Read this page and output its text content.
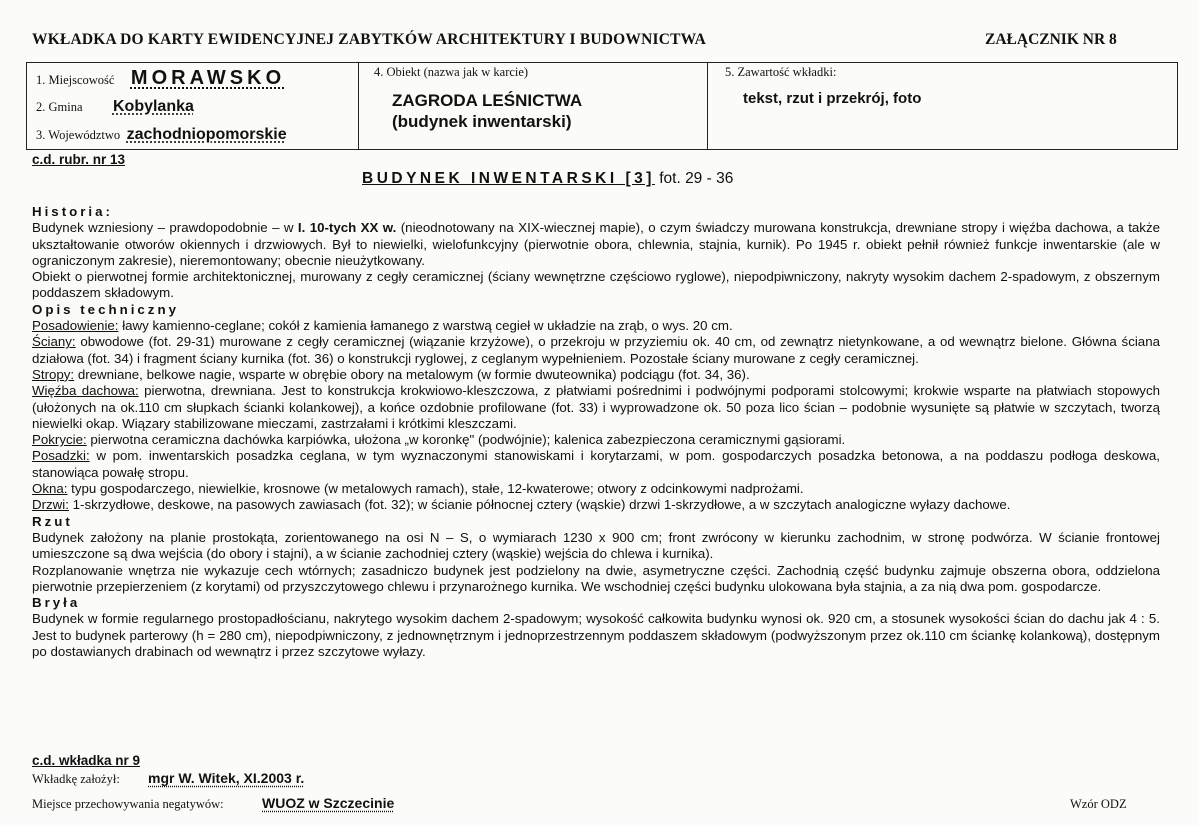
WKŁADKA DO KARTY EWIDENCYJNEJ ZABYTKÓW ARCHITEKTURY I BUDOWNICTWA	ZAŁĄCZNIK NR 8
1. Miejscowość MORAWSKO
2. Gmina Kobylanka
3. Województwo zachodniopomorskie
4. Obiekt (nazwa jak w karcie)
ZAGRODA LEŚNICTWA
(budynek inwentarski)
5. Zawartość wkładki:
tekst, rzut i przekrój, foto
c.d. rubr. nr 13
BUDYNEK INWENTARSKI [3] fot. 29 - 36

Historia:

Budynek wzniesiony – prawdopodobnie – w I. 10-tych XX w. (nieodnotowany na XIX-wiecznej mapie), o czym świadczy murowana konstrukcja, drewniane stropy i więźba dachowa, a także ukształtowanie otworów okiennych i drzwiowych. Był to niewielki, wielofunkcyjny (pierwotnie obora, chlewnia, stajnia, kurnik). Po 1945 r. obiekt pełnił również funkcje inwentarskie (ale w ograniczonym zakresie), nieremontowany; obecnie nieużytkowany.

Obiekt o pierwotnej formie architektonicznej, murowany z cegły ceramicznej (ściany wewnętrzne częściowo ryglowe), niepodpiwniczony, nakryty wysokim dachem 2-spadowym, z obszernym poddaszem składowym.

Opis techniczny

Posadowienie: ławy kamienno-ceglane; cokół z kamienia łamanego z warstwą cegieł w układzie na zrąb, o wys. 20 cm.

Ściany: obwodowe (fot. 29-31) murowane z cegły ceramicznej (wiązanie krzyżowe), o przekroju w przyziemiu ok. 40 cm, od zewnątrz nietynkowane, a od wewnątrz bielone. Główna ściana działowa (fot. 34) i fragment ściany kurnika (fot. 36) o konstrukcji ryglowej, z ceglanym wypełnieniem. Pozostałe ściany murowane z cegły ceramicznej.

Stropy: drewniane, belkowe nagie, wsparte w obrębie obory na metalowym (w formie dwuteownika) podciągu (fot. 34, 36).

Więźba dachowa: pierwotna, drewniana. Jest to konstrukcja krokwiowo-kleszczowa, z płatwiami pośrednimi i podwójnymi podporami stolcowymi; krokwie wsparte na płatwiach stopowych (ułożonych na ok.110 cm słupkach ścianki kolankowej), a końce ozdobnie profilowane (fot. 33) i wyprowadzone ok. 50 poza lico ścian – podobnie wysunięte są płatwie w szczytach, tworzą niewielki okap. Wiązary stabilizowane mieczami, zastrzałami i krótkimi kleszczami.

Pokrycie: pierwotna ceramiczna dachówka karpiówka, ułożona „w koronkę" (podwójnie); kalenica zabezpieczona ceramicznymi gąsiorami.

Posadzki: w pom. inwentarskich posadzka ceglana, w tym wyznaczonymi stanowiskami i korytarzami, w pom. gospodarczych posadzka betonowa, a na poddaszu podłoga deskowa, stanowiąca powałę stropu.

Okna: typu gospodarczego, niewielkie, krosnowe (w metalowych ramach), stałe, 12-kwaterowe; otwory z odcinkowymi nadprożami.

Drzwi: 1-skrzydłowe, deskowe, na pasowych zawiasach (fot. 32); w ścianie północnej cztery (wąskie) drzwi 1-skrzydłowe, a w szczytach analogiczne wyłazy dachowe.

Rzut

Budynek założony na planie prostokąta, zorientowanego na osi N – S, o wymiarach 1230 x 900 cm; front zwrócony w kierunku zachodnim, w stronę podwórza. W ścianie frontowej umieszczone są dwa wejścia (do obory i stajni), a w ścianie zachodniej cztery (wąskie) wejścia do chlewa i kurnika).

Rozplanowanie wnętrza nie wykazuje cech wtórnych; zasadniczo budynek jest podzielony na dwie, asymetryczne części. Zachodnią część budynku zajmuje obszerna obora, oddzielona pierwotnie przepierzeniem (z korytami) od przyszczytowego chlewu i przynarożnego kurnika. We wschodniej części budynku ulokowana była stajnia, a za nią dwa pom. gospodarcze.

Bryła

Budynek w formie regularnego prostopadłościanu, nakrytego wysokim dachem 2-spadowym; wysokość całkowita budynku wynosi ok. 920 cm, a stosunek wysokości ścian do dachu jak 4 : 5. Jest to budynek parterowy (h = 280 cm), niepodpiwniczony, z jednownętrznym i jednoprzestrzennym poddaszem składowym (podwyższonym przez ok.110 cm ściankę kolankową), dostępnym po dostawianych drabinach od wewnątrz i przez szczytowe wyłazy.

c.d. wkładka nr 9
Wkładkę założył: mgr W. Witek, XI.2003 r.
Miejsce przechowywania negatywów:	WUOZ w Szczecinie	Wzór ODZ
